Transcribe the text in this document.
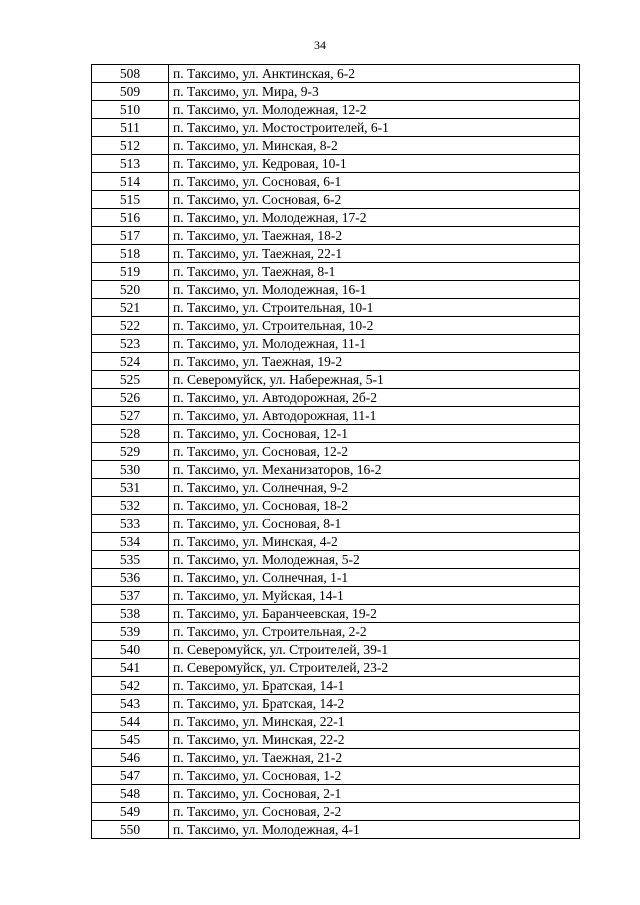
34
508	п. Таксимо, ул. Анктинская, 6-2
509	п. Таксимо, ул. Мира, 9-3
510	п. Таксимо, ул. Молодежная, 12-2
511	п. Таксимо, ул. Мостостроителей, 6-1
512	п. Таксимо, ул. Минская, 8-2
513	п. Таксимо, ул. Кедровая, 10-1
514	п. Таксимо, ул. Сосновая, 6-1
515	п. Таксимо, ул. Сосновая, 6-2
516	п. Таксимо, ул. Молодежная, 17-2
517	п. Таксимо, ул. Таежная, 18-2
518	п. Таксимо, ул. Таежная, 22-1
519	п. Таксимо, ул. Таежная, 8-1
520	п. Таксимо, ул. Молодежная, 16-1
521	п. Таксимо, ул. Строительная, 10-1
522	п. Таксимо, ул. Строительная, 10-2
523	п. Таксимо, ул. Молодежная, 11-1
524	п. Таксимо, ул. Таежная, 19-2
525	п. Северомуйск, ул. Набережная, 5-1
526	п. Таксимо, ул. Автодорожная, 2б-2
527	п. Таксимо, ул. Автодорожная, 11-1
528	п. Таксимо, ул. Сосновая, 12-1
529	п. Таксимо, ул. Сосновая, 12-2
530	п. Таксимо, ул. Механизаторов, 16-2
531	п. Таксимо, ул. Солнечная, 9-2
532	п. Таксимо, ул. Сосновая, 18-2
533	п. Таксимо, ул. Сосновая, 8-1
534	п. Таксимо, ул. Минская, 4-2
535	п. Таксимо, ул. Молодежная, 5-2
536	п. Таксимо, ул. Солнечная, 1-1
537	п. Таксимо, ул. Муйская, 14-1
538	п. Таксимо, ул. Баранчеевская, 19-2
539	п. Таксимо, ул. Строительная, 2-2
540	п. Северомуйск, ул. Строителей, 39-1
541	п. Северомуйск, ул. Строителей, 23-2
542	п. Таксимо, ул. Братская, 14-1
543	п. Таксимо, ул. Братская, 14-2
544	п. Таксимо, ул. Минская, 22-1
545	п. Таксимо, ул. Минская, 22-2
546	п. Таксимо, ул. Таежная, 21-2
547	п. Таксимо, ул. Сосновая, 1-2
548	п. Таксимо, ул. Сосновая, 2-1
549	п. Таксимо, ул. Сосновая, 2-2
550	п. Таксимо, ул. Молодежная, 4-1
